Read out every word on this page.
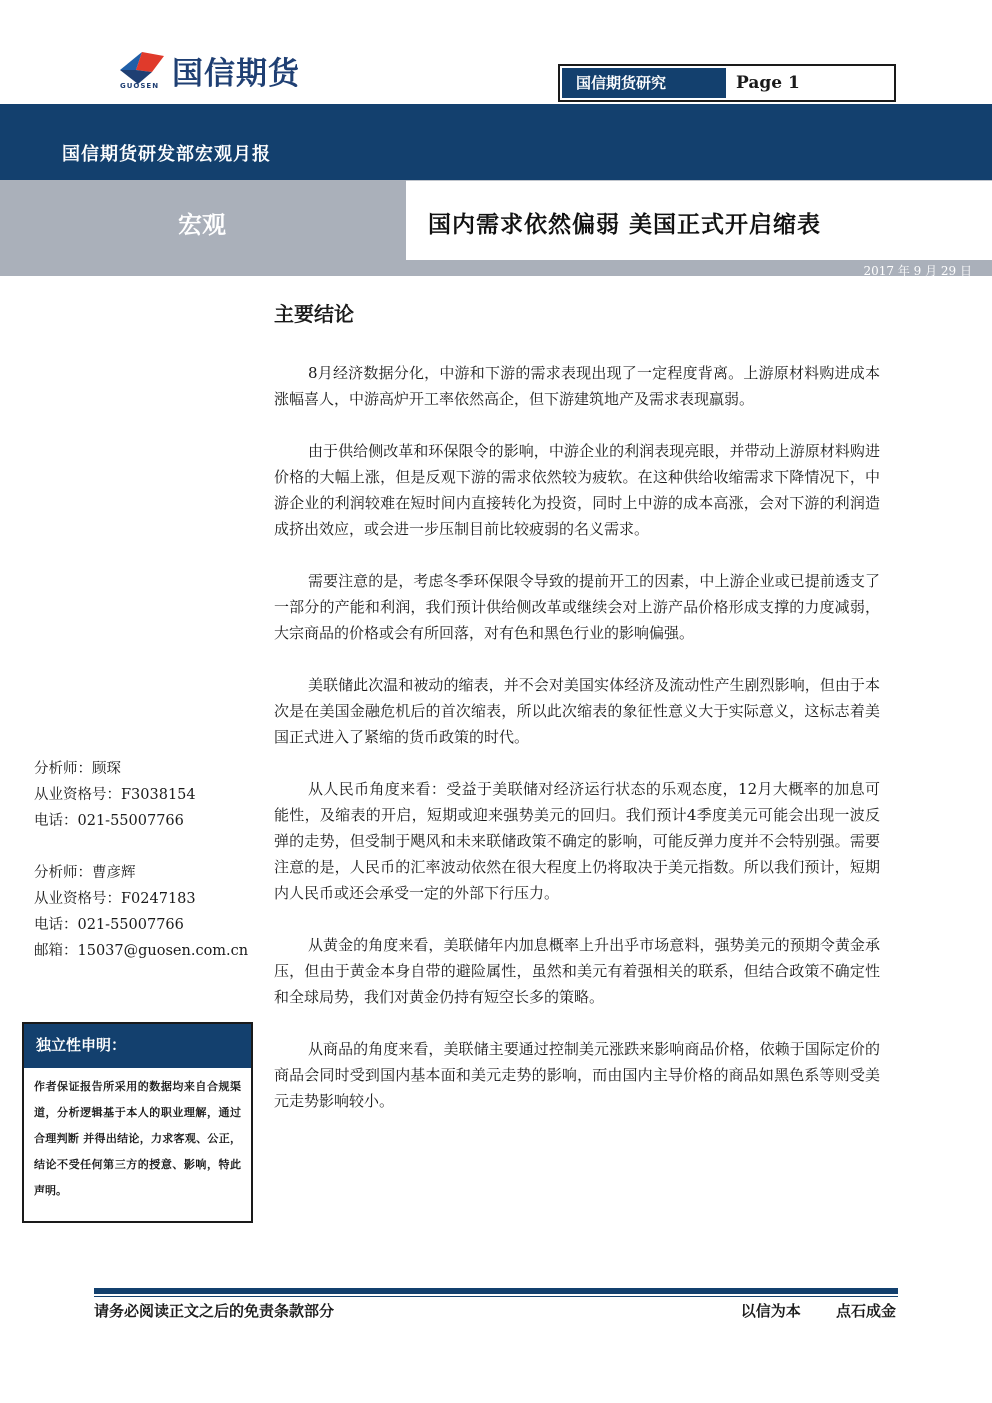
国信期货
GUOSEN	国信期货研究	Page 1
国信期货研发部宏观月报
宏观	国内需求依然偏弱 美国正式开启缩表
2017 年 9 月 29 日
主要结论

8月经济数据分化，中游和下游的需求表现出现了一定程度背离。上游原材料购进成本涨幅喜人，中游高炉开工率依然高企，但下游建筑地产及需求表现羸弱。

由于供给侧改革和环保限令的影响，中游企业的利润表现亮眼，并带动上游原材料购进价格的大幅上涨，但是反观下游的需求依然较为疲软。在这种供给收缩需求下降情况下，中游企业的利润较难在短时间内直接转化为投资，同时上中游的成本高涨，会对下游的利润造成挤出效应，或会进一步压制目前比较疲弱的名义需求。

需要注意的是，考虑冬季环保限令导致的提前开工的因素，中上游企业或已提前透支了一部分的产能和利润，我们预计供给侧改革或继续会对上游产品价格形成支撑的力度减弱，大宗商品的价格或会有所回落，对有色和黑色行业的影响偏强。

美联储此次温和被动的缩表，并不会对美国实体经济及流动性产生剧烈影响，但由于本次是在美国金融危机后的首次缩表，所以此次缩表的象征性意义大于实际意义，这标志着美国正式进入了紧缩的货币政策的时代。

从人民币角度来看：受益于美联储对经济运行状态的乐观态度，12月大概率的加息可能性，及缩表的开启，短期或迎来强势美元的回归。我们预计4季度美元可能会出现一波反弹的走势，但受制于飓风和未来联储政策不确定的影响，可能反弹力度并不会特别强。需要注意的是，人民币的汇率波动依然在很大程度上仍将取决于美元指数。所以我们预计，短期内人民币或还会承受一定的外部下行压力。

从黄金的角度来看，美联储年内加息概率上升出乎市场意料，强势美元的预期令黄金承压，但由于黄金本身自带的避险属性，虽然和美元有着强相关的联系，但结合政策不确定性和全球局势，我们对黄金仍持有短空长多的策略。

从商品的角度来看，美联储主要通过控制美元涨跌来影响商品价格，依赖于国际定价的商品会同时受到国内基本面和美元走势的影响，而由国内主导价格的商品如黑色系等则受美元走势影响较小。

分析师：顾琛
从业资格号：F3038154
电话：021-55007766
分析师：曹彦辉
从业资格号：F0247183
电话：021-55007766
邮箱：15037@guosen.com.cn
独立性申明：
作者保证报告所采用的数据均来自合规渠道，分析逻辑基于本人的职业理解，通过合理判断 并得出结论，力求客观、公正，结论不受任何第三方的授意、影响，特此声明。
请务必阅读正文之后的免责条款部分	以信为本 点石成金
